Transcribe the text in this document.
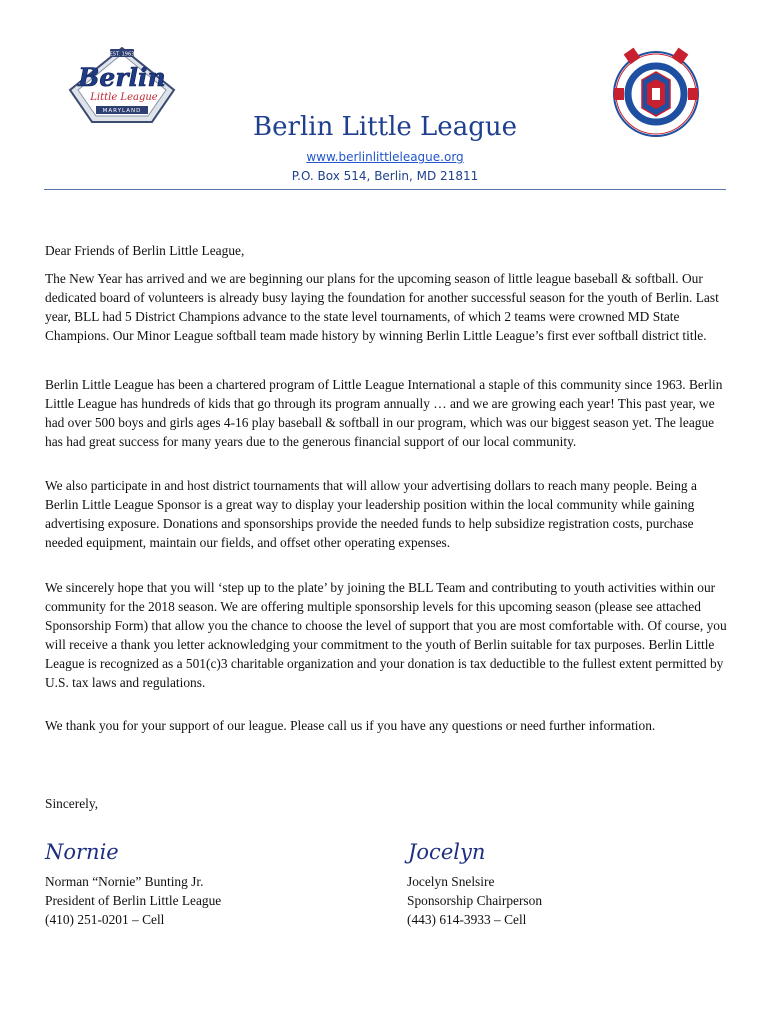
EST. 1963
Berlin
Little League
MARYLAND
Berlin Little League
www.berlinlittleleague.org
P.O. Box 514, Berlin, MD 21811
Dear Friends of Berlin Little League,

The New Year has arrived and we are beginning our plans for the upcoming season of little league baseball & softball. Our dedicated board of volunteers is already busy laying the foundation for another successful season for the youth of Berlin. Last year, BLL had 5 District Champions advance to the state level tournaments, of which 2 teams were crowned MD State Champions. Our Minor League softball team made history by winning Berlin Little League’s first ever softball district title.

Berlin Little League has been a chartered program of Little League International a staple of this community since 1963. Berlin Little League has hundreds of kids that go through its program annually … and we are growing each year! This past year, we had over 500 boys and girls ages 4-16 play baseball & softball in our program, which was our biggest season yet. The league has had great success for many years due to the generous financial support of our local community.

We also participate in and host district tournaments that will allow your advertising dollars to reach many people. Being a Berlin Little League Sponsor is a great way to display your leadership position within the local community while gaining advertising exposure. Donations and sponsorships provide the needed funds to help subsidize registration costs, purchase needed equipment, maintain our fields, and offset other operating expenses.

We sincerely hope that you will ‘step up to the plate’ by joining the BLL Team and contributing to youth activities within our community for the 2018 season. We are offering multiple sponsorship levels for this upcoming season (please see attached Sponsorship Form) that allow you the chance to choose the level of support that you are most comfortable with. Of course, you will receive a thank you letter acknowledging your commitment to the youth of Berlin suitable for tax purposes. Berlin Little League is recognized as a 501(c)3 charitable organization and your donation is tax deductible to the fullest extent permitted by U.S. tax laws and regulations.

We thank you for your support of our league. Please call us if you have any questions or need further information.

Sincerely,
Nornie	Jocelyn
Norman “Nornie” Bunting Jr.
President of Berlin Little League
(410) 251-0201 – Cell
Jocelyn Snelsire
Sponsorship Chairperson
(443) 614-3933 – Cell
